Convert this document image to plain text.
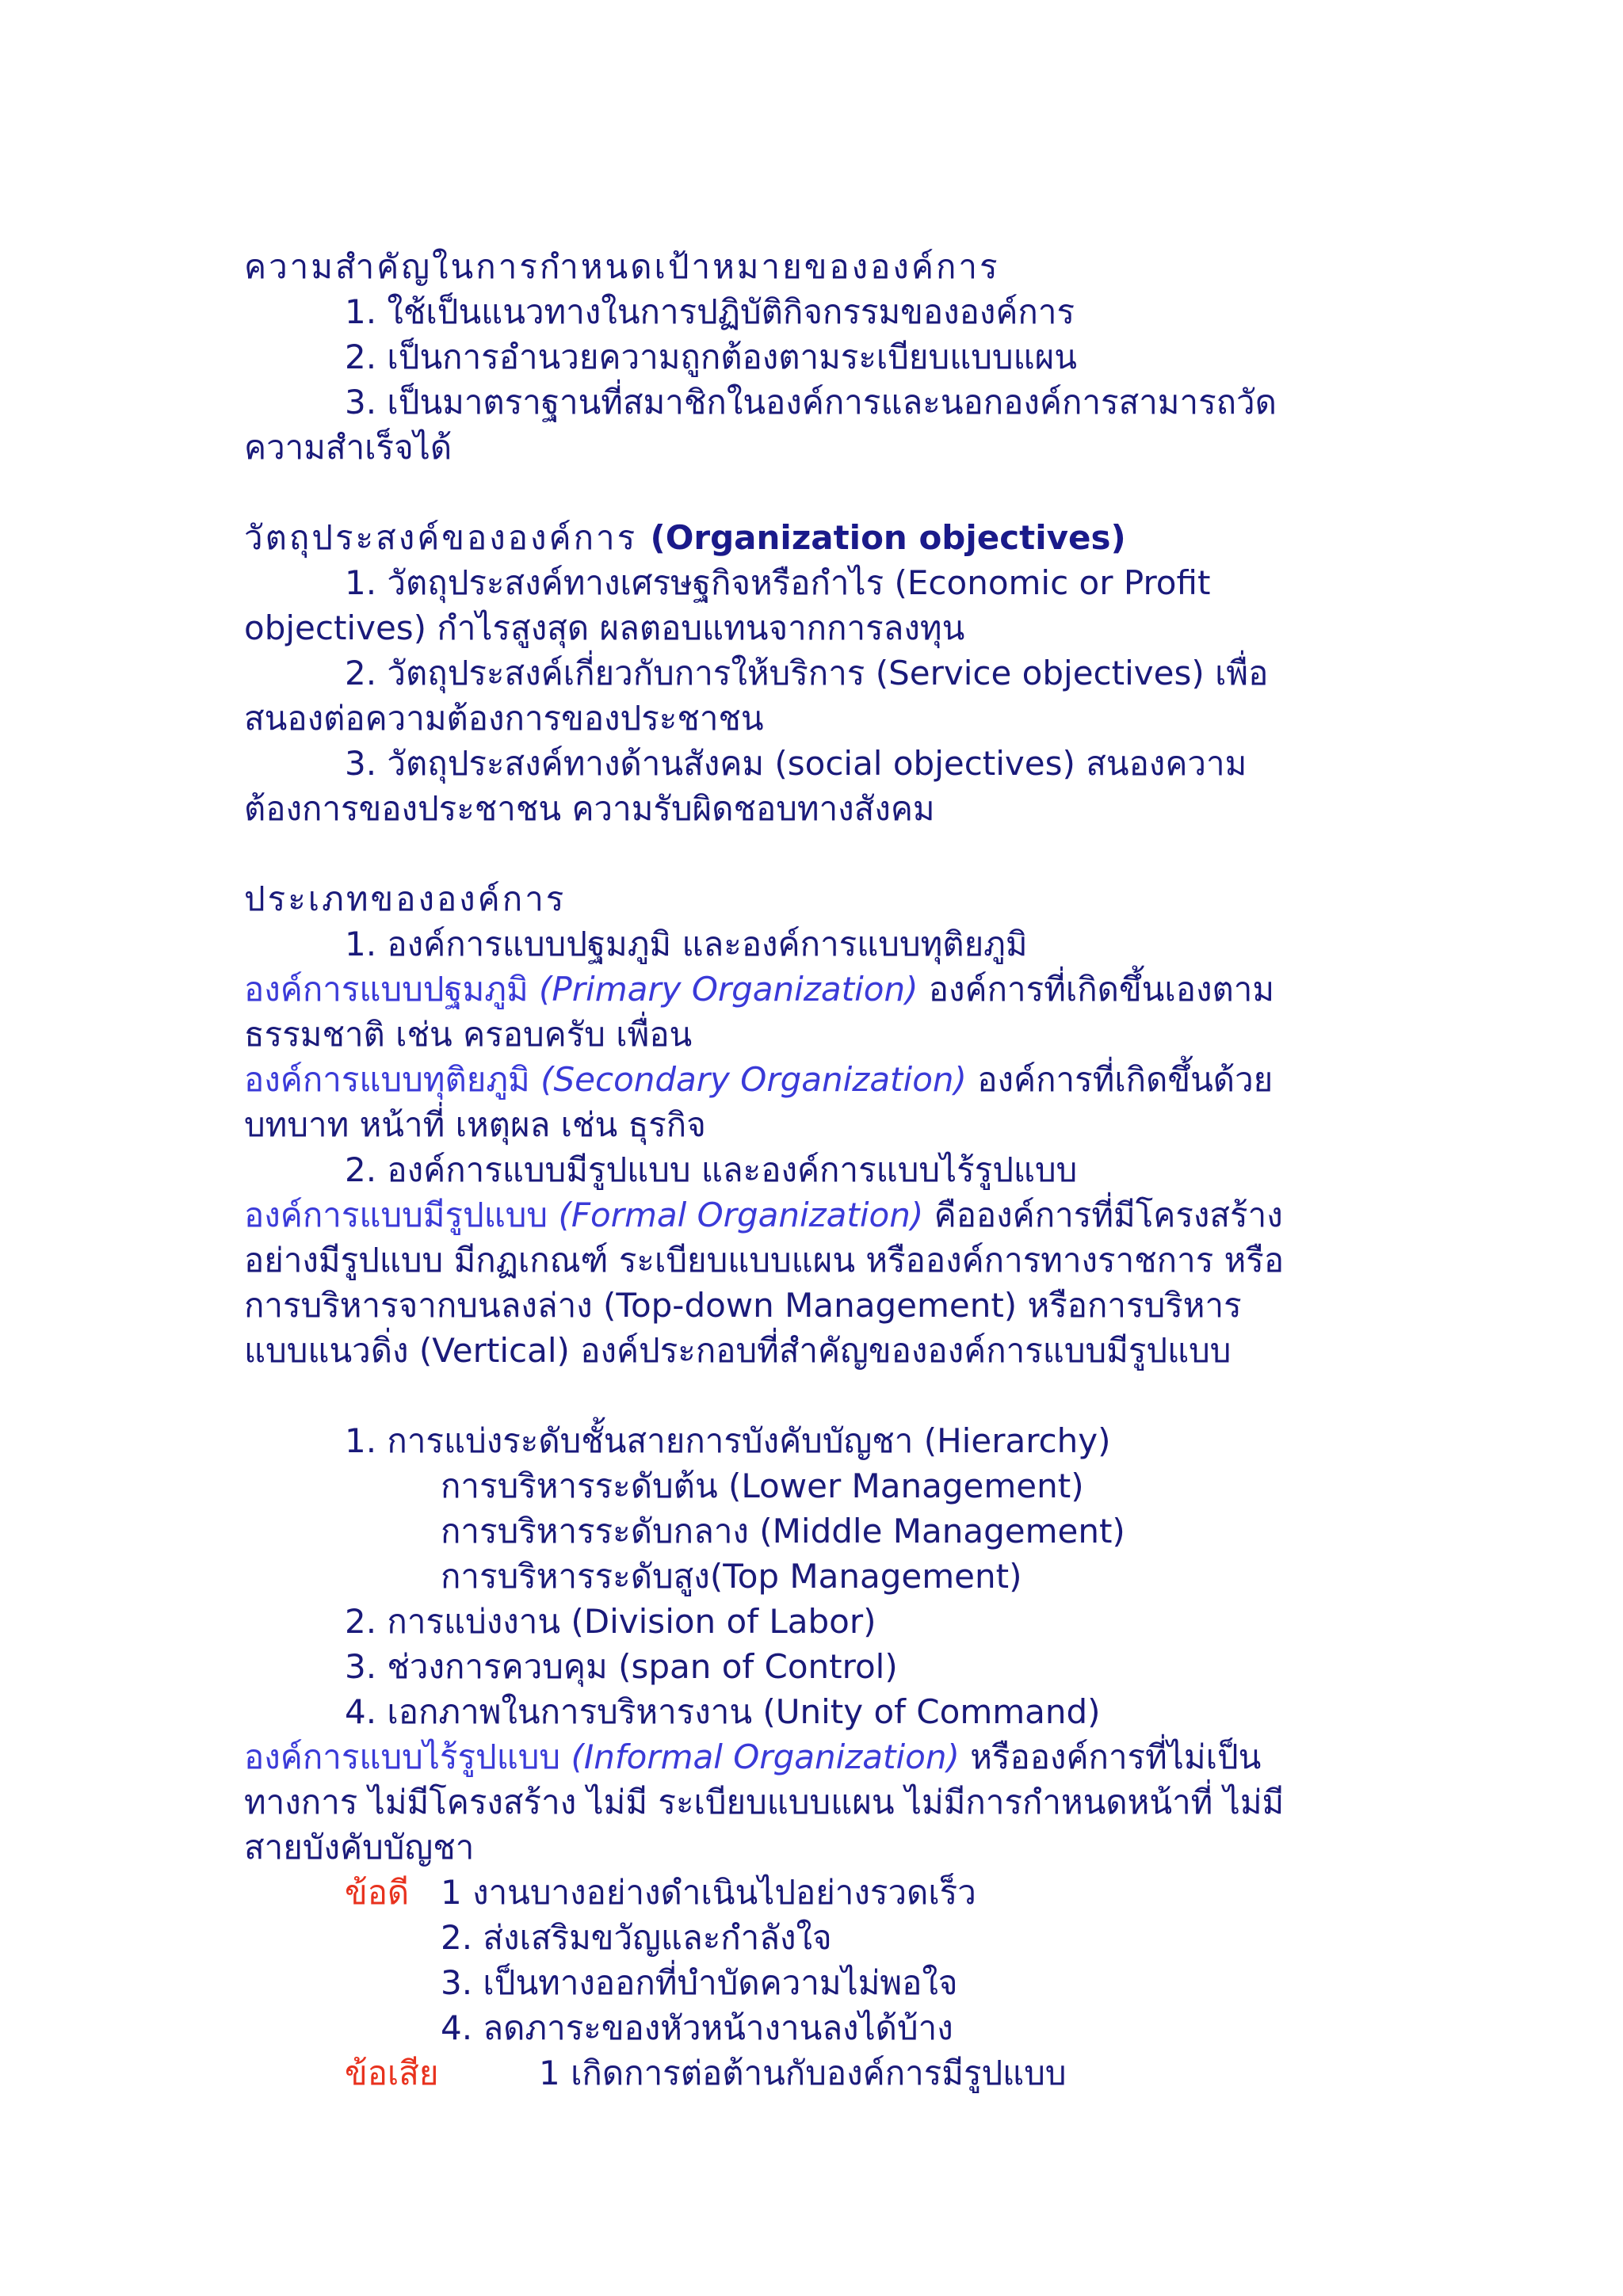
ความสำคัญในการกำหนดเป้าหมายขององค์การ

1. ใช้เป็นแนวทางในการปฏิบัติกิจกรรมขององค์การ

2. เป็นการอำนวยความถูกต้องตามระเบียบแบบแผน

3. เป็นมาตราฐานที่สมาชิกในองค์การและนอกองค์การสามารถวัด

ความสำเร็จได้

วัตถุประสงค์ขององค์การ (Organization objectives)

1. วัตถุประสงค์ทางเศรษฐกิจหรือกำไร (Economic or Profit

objectives) กำไรสูงสุด ผลตอบแทนจากการลงทุน

2. วัตถุประสงค์เกี่ยวกับการให้บริการ (Service objectives) เพื่อ

สนองต่อความต้องการของประชาชน

3. วัตถุประสงค์ทางด้านสังคม (social objectives) สนองความ

ต้องการของประชาชน ความรับผิดชอบทางสังคม

ประเภทขององค์การ

1. องค์การแบบปฐมภูมิ และองค์การแบบทุติยภูมิ

องค์การแบบปฐมภูมิ (Primary Organization) องค์การที่เกิดขึ้นเองตาม

ธรรมชาติ เช่น ครอบครับ เพื่อน

องค์การแบบทุติยภูมิ (Secondary Organization) องค์การที่เกิดขึ้นด้วย

บทบาท หน้าที่ เหตุผล เช่น ธุรกิจ

2. องค์การแบบมีรูปแบบ และองค์การแบบไร้รูปแบบ

องค์การแบบมีรูปแบบ (Formal Organization) คือองค์การที่มีโครงสร้าง

อย่างมีรูปแบบ มีกฏเกณฑ์ ระเบียบแบบแผน หรือองค์การทางราชการ หรือ

การบริหารจากบนลงล่าง (Top-down Management) หรือการบริหาร

แบบแนวดิ่ง (Vertical) องค์ประกอบที่สำคัญขององค์การแบบมีรูปแบบ

1. การแบ่งระดับชั้นสายการบังคับบัญชา (Hierarchy)

การบริหารระดับต้น (Lower Management)

การบริหารระดับกลาง (Middle Management)

การบริหารระดับสูง(Top Management)

2. การแบ่งงาน (Division of Labor)

3. ช่วงการควบคุม (span of Control)

4. เอกภาพในการบริหารงาน (Unity of Command)

องค์การแบบไร้รูปแบบ (Informal Organization) หรือองค์การที่ไม่เป็น

ทางการ ไม่มีโครงสร้าง ไม่มี ระเบียบแบบแผน ไม่มีการกำหนดหน้าที่ ไม่มี

สายบังคับบัญชา

ข้อดี 1 งานบางอย่างดำเนินไปอย่างรวดเร็ว

2. ส่งเสริมขวัญและกำลังใจ

3. เป็นทางออกที่บำบัดความไม่พอใจ

4. ลดภาระของหัวหน้างานลงได้บ้าง

ข้อเสีย	1 เกิดการต่อต้านกับองค์การมีรูปแบบ
